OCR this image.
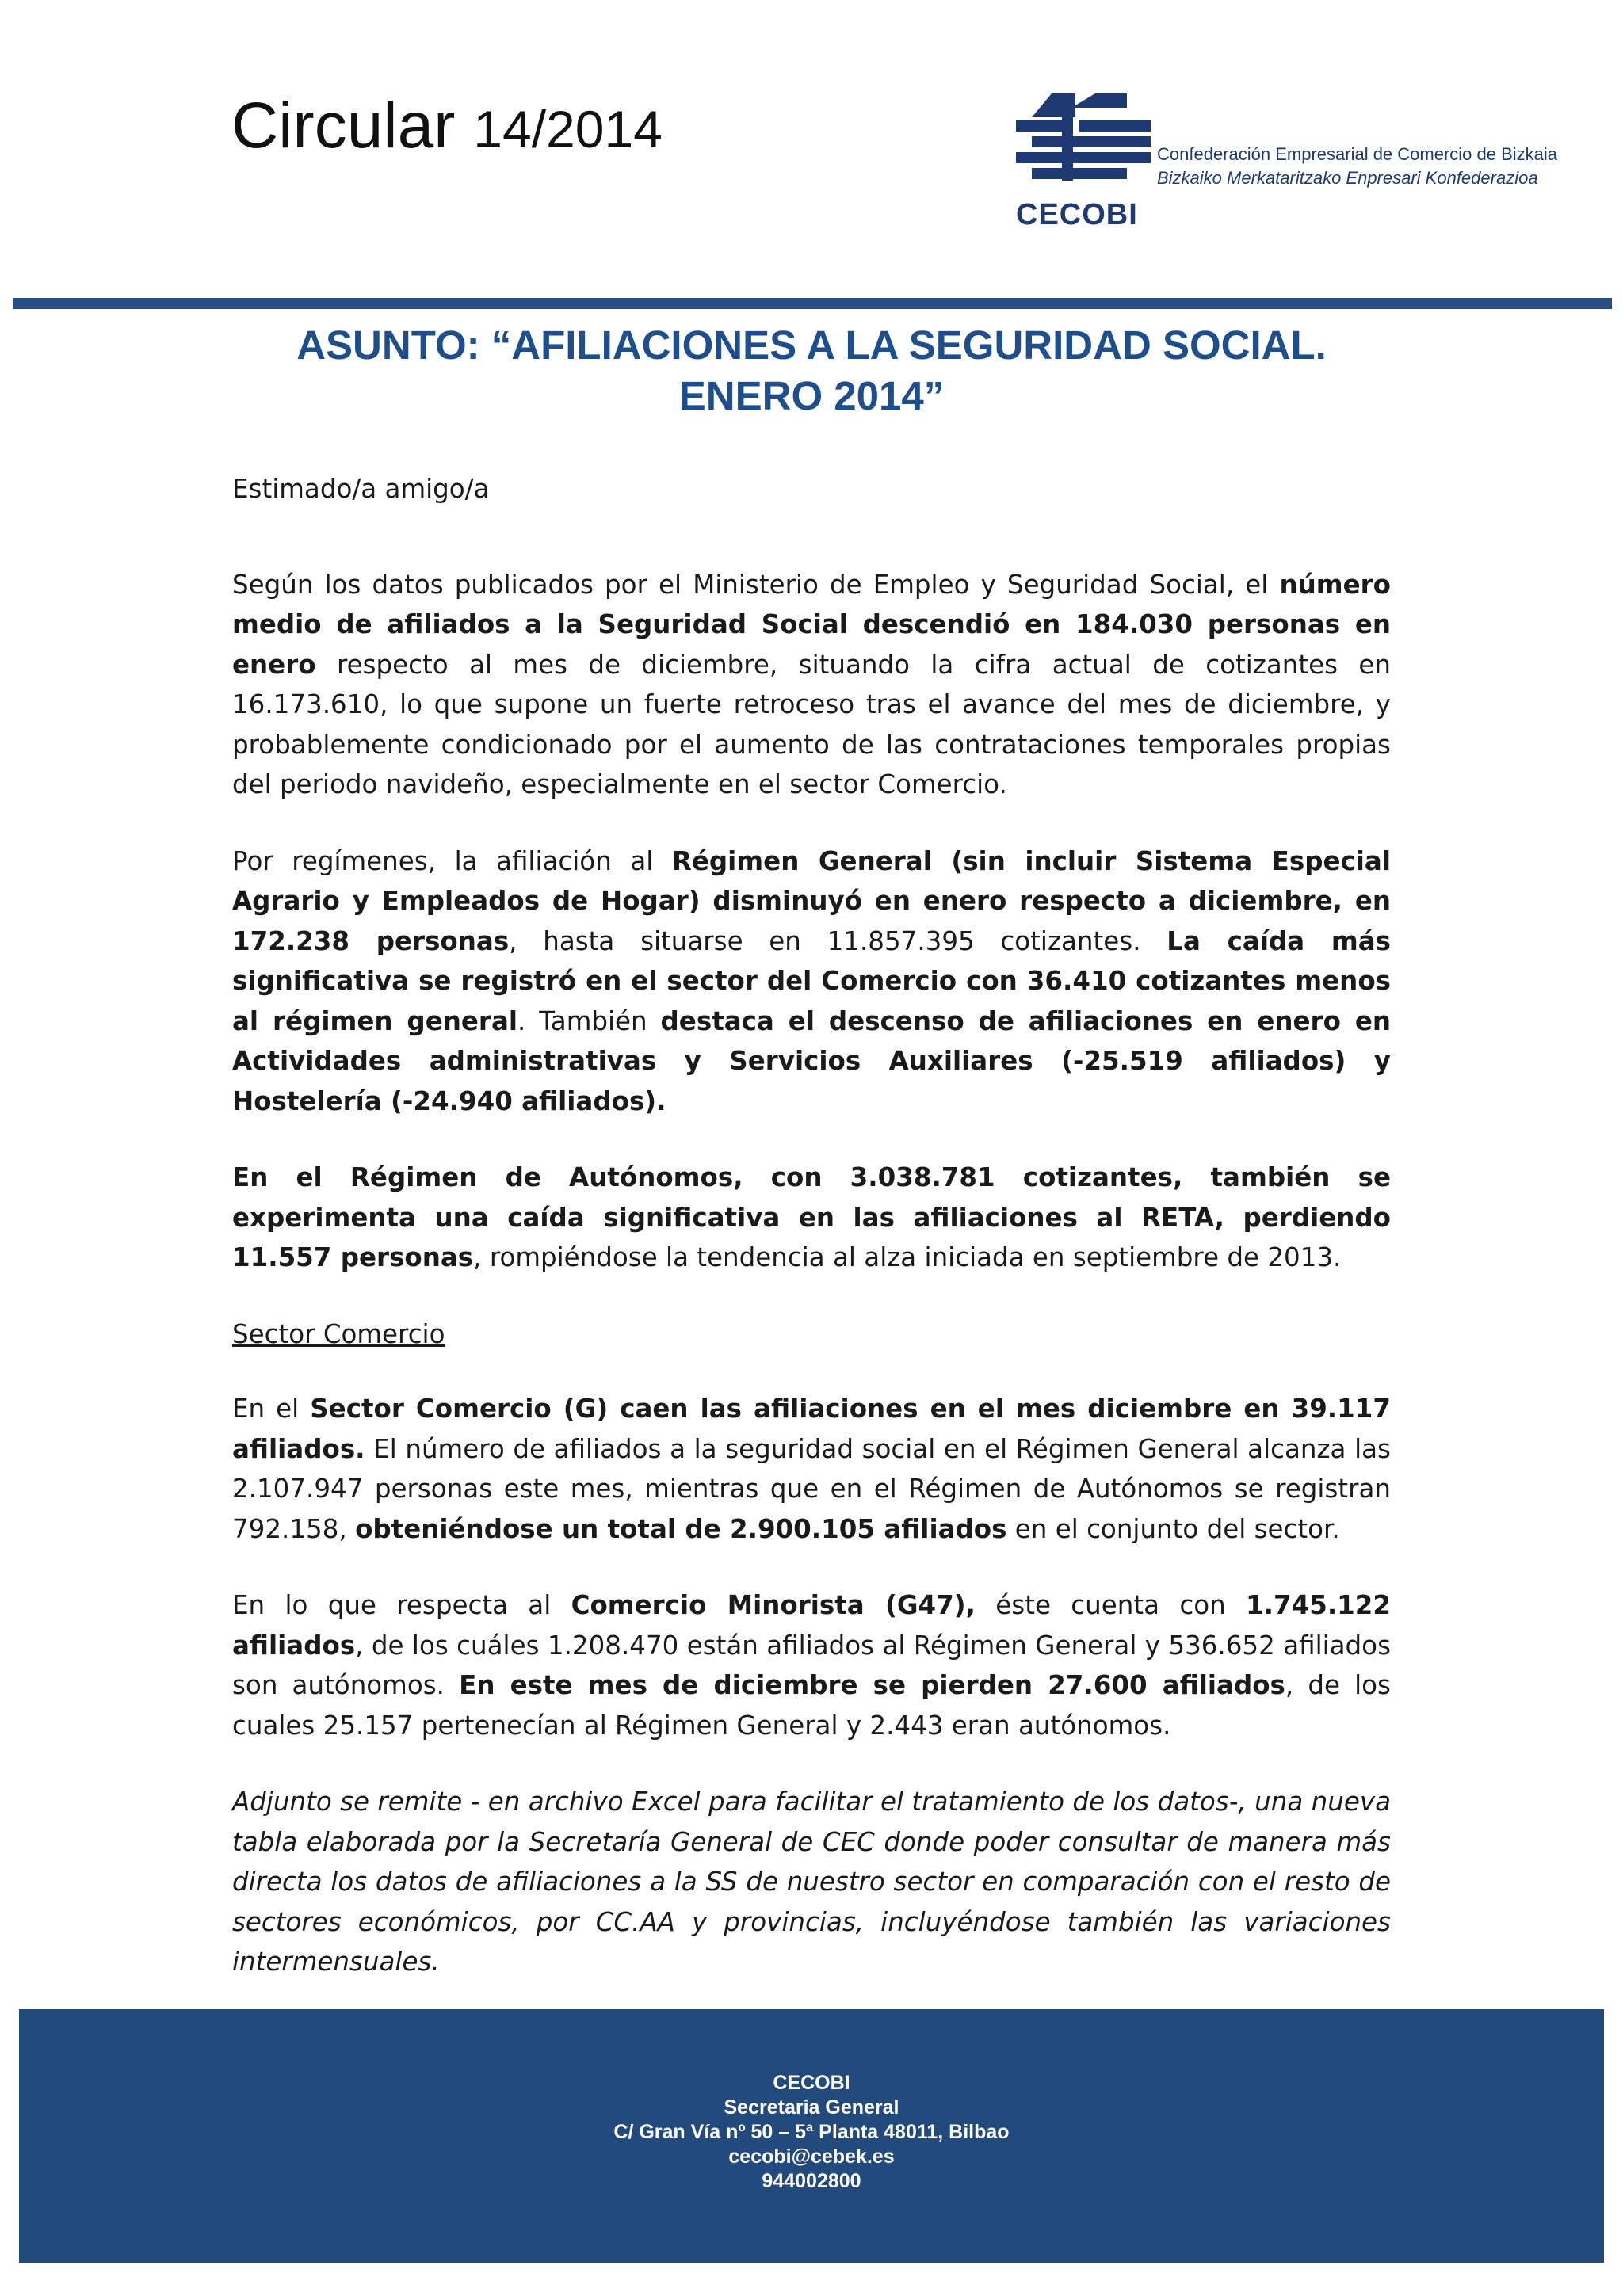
Circular 14/2014
CECOBI
Confederación Empresarial de Comercio de Bizkaia
Bizkaiko Merkataritzako Enpresari Konfederazioa
ASUNTO: “AFILIACIONES A LA SEGURIDAD SOCIAL.
ENERO 2014”

Estimado/a amigo/a

Según los datos publicados por el Ministerio de Empleo y Seguridad Social, el número medio de afiliados a la Seguridad Social descendió en 184.030 personas en enero respecto al mes de diciembre, situando la cifra actual de cotizantes en 16.173.610, lo que supone un fuerte retroceso tras el avance del mes de diciembre, y probablemente condicionado por el aumento de las contrataciones temporales propias del periodo navideño, especialmente en el sector Comercio.

Por regímenes, la afiliación al Régimen General (sin incluir Sistema Especial Agrario y Empleados de Hogar) disminuyó en enero respecto a diciembre, en 172.238 personas, hasta situarse en 11.857.395 cotizantes. La caída más significativa se registró en el sector del Comercio con 36.410 cotizantes menos al régimen general. También destaca el descenso de afiliaciones en enero en Actividades administrativas y Servicios Auxiliares (-25.519 afiliados) y Hostelería (-24.940 afiliados).

En el Régimen de Autónomos, con 3.038.781 cotizantes, también se experimenta una caída significativa en las afiliaciones al RETA, perdiendo 11.557 personas, rompiéndose la tendencia al alza iniciada en septiembre de 2013.

Sector Comercio

En el Sector Comercio (G) caen las afiliaciones en el mes diciembre en 39.117 afiliados. El número de afiliados a la seguridad social en el Régimen General alcanza las 2.107.947 personas este mes, mientras que en el Régimen de Autónomos se registran 792.158, obteniéndose un total de 2.900.105 afiliados en el conjunto del sector.

En lo que respecta al Comercio Minorista (G47), éste cuenta con 1.745.122 afiliados, de los cuáles 1.208.470 están afiliados al Régimen General y 536.652 afiliados son autónomos. En este mes de diciembre se pierden 27.600 afiliados, de los cuales 25.157 pertenecían al Régimen General y 2.443 eran autónomos.

Adjunto se remite - en archivo Excel para facilitar el tratamiento de los datos-, una nueva tabla elaborada por la Secretaría General de CEC donde poder consultar de manera más directa los datos de afiliaciones a la SS de nuestro sector en comparación con el resto de sectores económicos, por CC.AA y provincias, incluyéndose también las variaciones intermensuales.

CECOBI
Secretaria General
C/ Gran Vía nº 50 – 5ª Planta 48011, Bilbao
cecobi@cebek.es
944002800
